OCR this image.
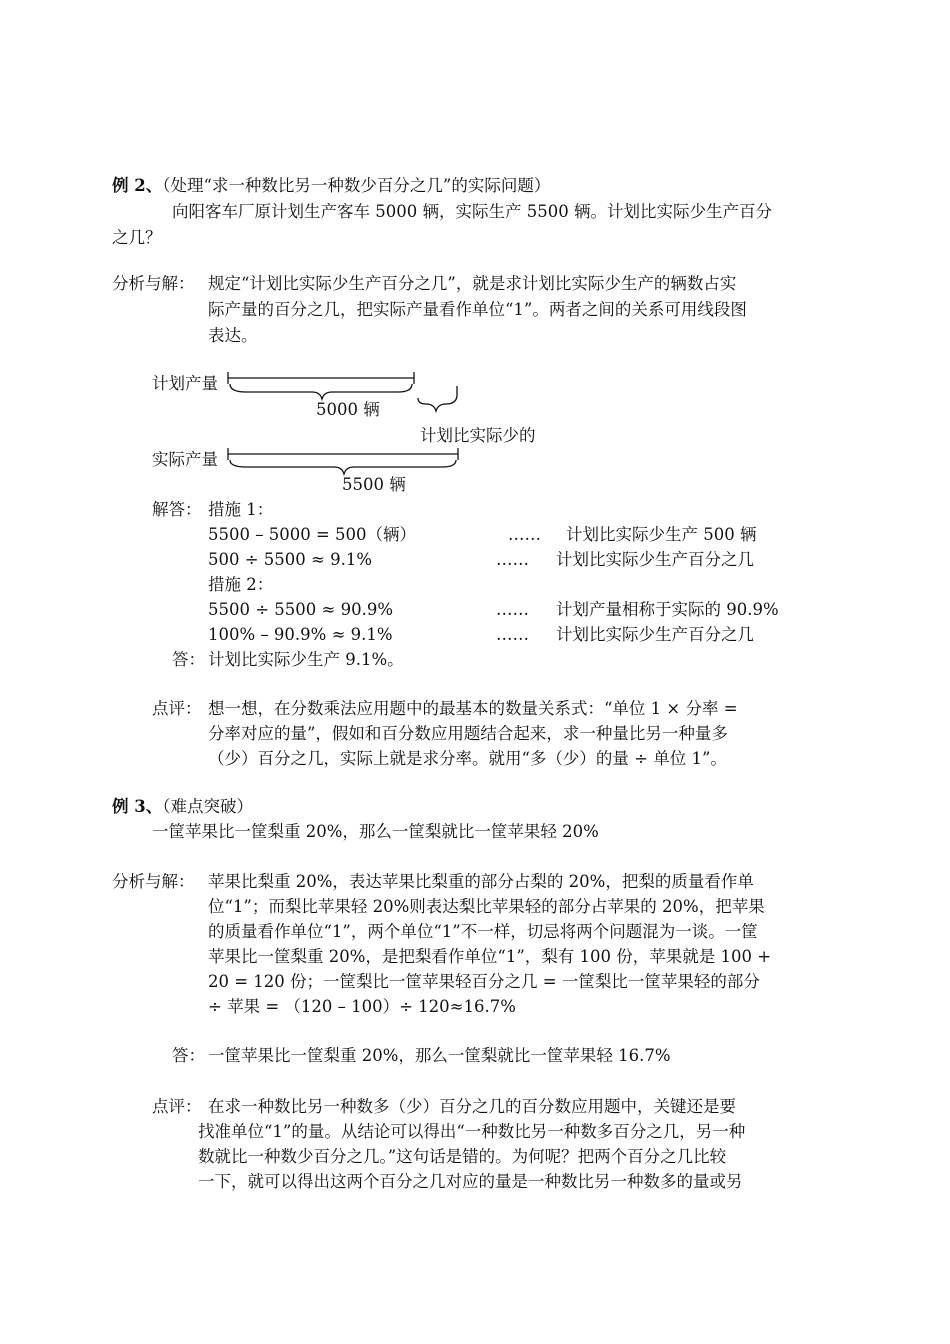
例 2、（处理“求一种数比另一种数少百分之几”的实际问题）
向阳客车厂原计划生产客车 5000 辆，实际生产 5500 辆。计划比实际少生产百分
之几？
分析与解： 规定“计划比实际少生产百分之几”，就是求计划比实际少生产的辆数占实
际产量的百分之几，把实际产量看作单位“1”。两者之间的关系可用线段图
表达。
计划产量
5000 辆
计划比实际少的
实际产量
5500 辆
解答： 措施 1：
5500 – 5000 = 500（辆）	…… 计划比实际少生产 500 辆
500 ÷ 5500 ≈ 9.1%	…… 计划比实际少生产百分之几
措施 2：
5500 ÷ 5500 ≈ 90.9%	…… 计划产量相称于实际的 90.9%
100% – 90.9% ≈ 9.1%	…… 计划比实际少生产百分之几
答： 计划比实际少生产 9.1%。
点评： 想一想，在分数乘法应用题中的最基本的数量关系式：“单位 1 × 分率 =
分率对应的量”，假如和百分数应用题结合起来，求一种量比另一种量多
（少）百分之几，实际上就是求分率。就用“多（少）的量 ÷ 单位 1”。
例 3、（难点突破）
一筐苹果比一筐梨重 20%，那么一筐梨就比一筐苹果轻 20%
分析与解： 苹果比梨重 20%，表达苹果比梨重的部分占梨的 20%，把梨的质量看作单
位“1”；而梨比苹果轻 20%则表达梨比苹果轻的部分占苹果的 20%，把苹果
的质量看作单位“1”，两个单位“1”不一样，切忌将两个问题混为一谈。一筐
苹果比一筐梨重 20%，是把梨看作单位“1”，梨有 100 份，苹果就是 100 +
20 = 120 份；一筐梨比一筐苹果轻百分之几 = 一筐梨比一筐苹果轻的部分
÷ 苹果 = （120 – 100）÷ 120≈16.7%
答： 一筐苹果比一筐梨重 20%，那么一筐梨就比一筐苹果轻 16.7%
点评： 在求一种数比另一种数多（少）百分之几的百分数应用题中，关键还是要
找准单位“1”的量。从结论可以得出“一种数比另一种数多百分之几，另一种
数就比一种数少百分之几。”这句话是错的。为何呢？把两个百分之几比较
一下，就可以得出这两个百分之几对应的量是一种数比另一种数多的量或另
